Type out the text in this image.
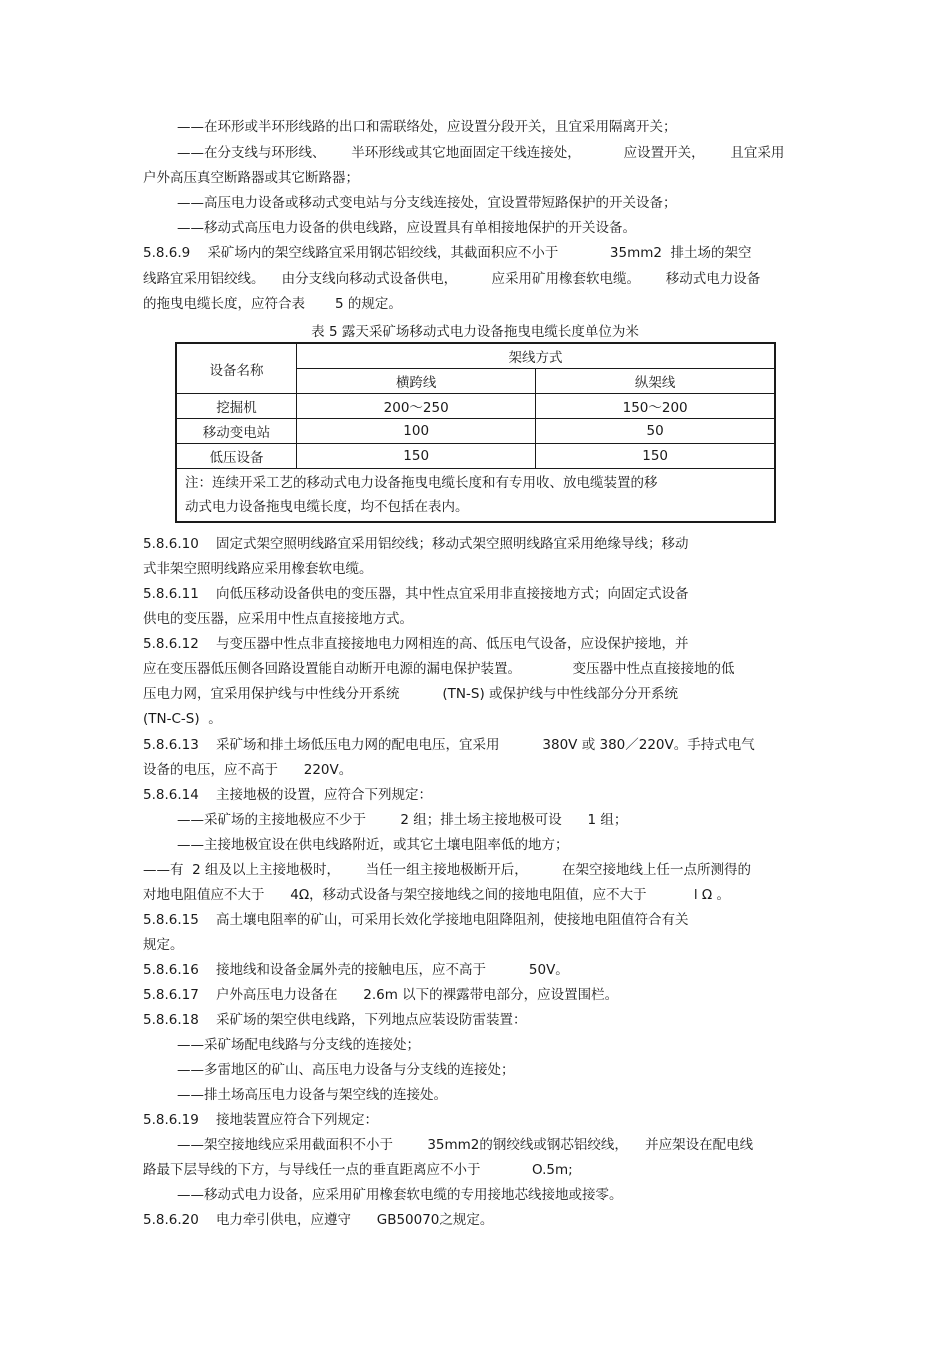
——在环形或半环形线路的出口和需联络处，应设置分段开关，且宜采用隔离开关；
——在分支线与环形线、      半环形线或其它地面固定干线连接处，          应设置开关，      且宜采用
户外高压真空断路器或其它断路器；
——高压电力设备或移动式变电站与分支线连接处，宜设置带短路保护的开关设备；
——移动式高压电力设备的供电线路，应设置具有单相接地保护的开关设备。
5.8.6.9    采矿场内的架空线路宜采用钢芯铝绞线，其截面积应不小于            35mm2  排土场的架空
线路宜采用铝绞线。    由分支线向移动式设备供电，        应采用矿用橡套软电缆。      移动式电力设备
的拖曳电缆长度，应符合表       5 的规定。
表 5 露天采矿场移动式电力设备拖曳电缆长度单位为米
设备名称	架线方式	
	横跨线	纵架线
挖掘机	200～250	150～200
移动变电站	100	50
低压设备	150	150

注：连续开采工艺的移动式电力设备拖曳电缆长度和有专用收、放电缆装置的移
动式电力设备拖曳电缆长度，均不包括在表内。		
5.8.6.10    固定式架空照明线路宜采用铝绞线；移动式架空照明线路宜采用绝缘导线；移动
式非架空照明线路应采用橡套软电缆。
5.8.6.11    向低压移动设备供电的变压器，其中性点宜采用非直接接地方式；向固定式设备
供电的变压器，应采用中性点直接接地方式。
5.8.6.12    与变压器中性点非直接接地电力网相连的高、低压电气设备，应设保护接地，并
应在变压器低压侧各回路设置能自动断开电源的漏电保护装置。            变压器中性点直接接地的低
压电力网，宜采用保护线与中性线分开系统          (TN-S) 或保护线与中性线部分分开系统
(TN-C-S)  。
5.8.6.13    采矿场和排土场低压电力网的配电电压，宜采用          380V 或 380／220V。手持式电气
设备的电压，应不高于      220V。
5.8.6.14    主接地极的设置，应符合下列规定：
——采矿场的主接地极应不少于        2 组；排土场主接地极可设      1 组；
——主接地极宜设在供电线路附近，或其它土壤电阻率低的地方；
——有  2 组及以上主接地极时，      当任一组主接地极断开后，        在架空接地线上任一点所测得的
对地电阻值应不大于      4Ω，移动式设备与架空接地线之间的接地电阻值，应不大于           l Ω 。
5.8.6.15    高土壤电阻率的矿山，可采用长效化学接地电阻降阻剂，使接地电阻值符合有关
规定。
5.8.6.16    接地线和设备金属外壳的接触电压，应不高于          50V。
5.8.6.17    户外高压电力设备在      2.6m 以下的裸露带电部分，应设置围栏。
5.8.6.18    采矿场的架空供电线路，下列地点应装设防雷装置：
——采矿场配电线路与分支线的连接处；
——多雷地区的矿山、高压电力设备与分支线的连接处；
——排土场高压电力设备与架空线的连接处。
5.8.6.19    接地装置应符合下列规定：
——架空接地线应采用截面积不小于        35mm2的钢绞线或钢芯铝绞线，    并应架设在配电线
路最下层导线的下方，与导线任一点的垂直距离应不小于            O.5m;
——移动式电力设备，应采用矿用橡套软电缆的专用接地芯线接地或接零。
5.8.6.20    电力牵引供电，应遵守      GB50070之规定。
